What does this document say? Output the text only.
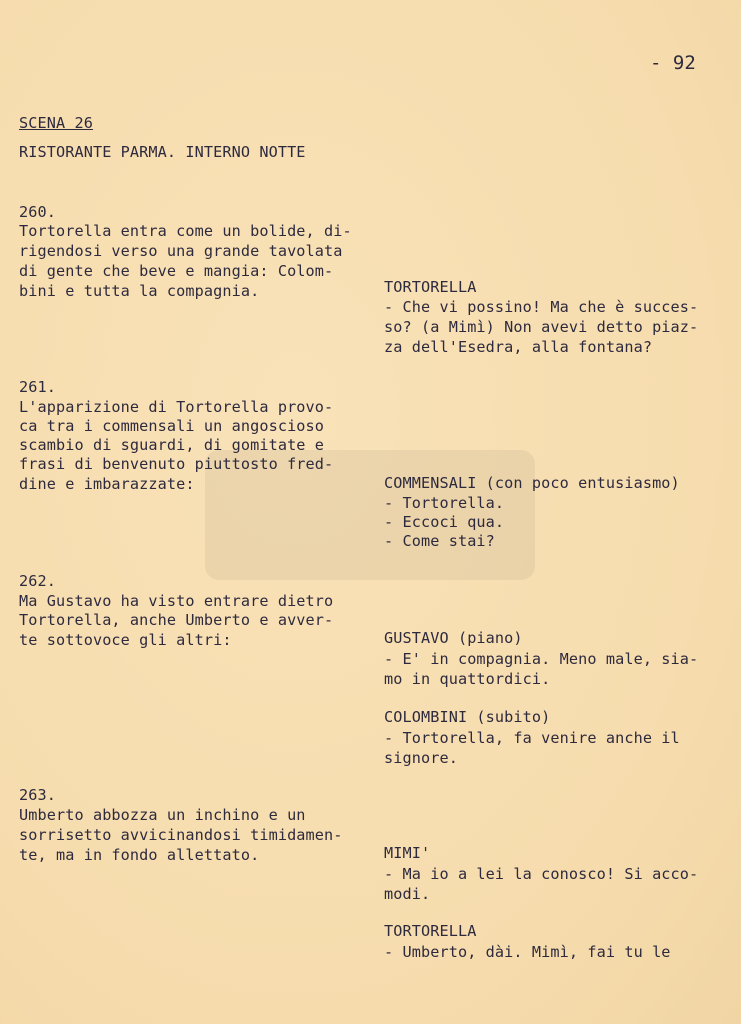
- 92
SCENA 26
RISTORANTE PARMA. INTERNO NOTTE
260.
Tortorella entra come un bolide, di-
rigendosi verso una grande tavolata
di gente che beve e mangia: Colom-
bini e tutta la compagnia.
261.
L'apparizione di Tortorella provo-
ca tra i commensali un angoscioso
scambio di sguardi, di gomitate e
frasi di benvenuto piuttosto fred-
dine e imbarazzate:
262.
Ma Gustavo ha visto entrare dietro
Tortorella, anche Umberto e avver-
te sottovoce gli altri:
263.
Umberto abbozza un inchino e un
sorrisetto avvicinandosi timidamen-
te, ma in fondo allettato.
TORTORELLA
- Che vi possino! Ma che è succes-
so? (a Mimì) Non avevi detto piaz-
za dell'Esedra, alla fontana?
COMMENSALI (con poco entusiasmo)
- Tortorella.
- Eccoci qua.
- Come stai?
GUSTAVO (piano)
- E' in compagnia. Meno male, sia-
mo in quattordici.
COLOMBINI (subito)
- Tortorella, fa venire anche il
signore.
MIMI'
- Ma io a lei la conosco! Si acco-
modi.
TORTORELLA
- Umberto, dài. Mimì, fai tu le
